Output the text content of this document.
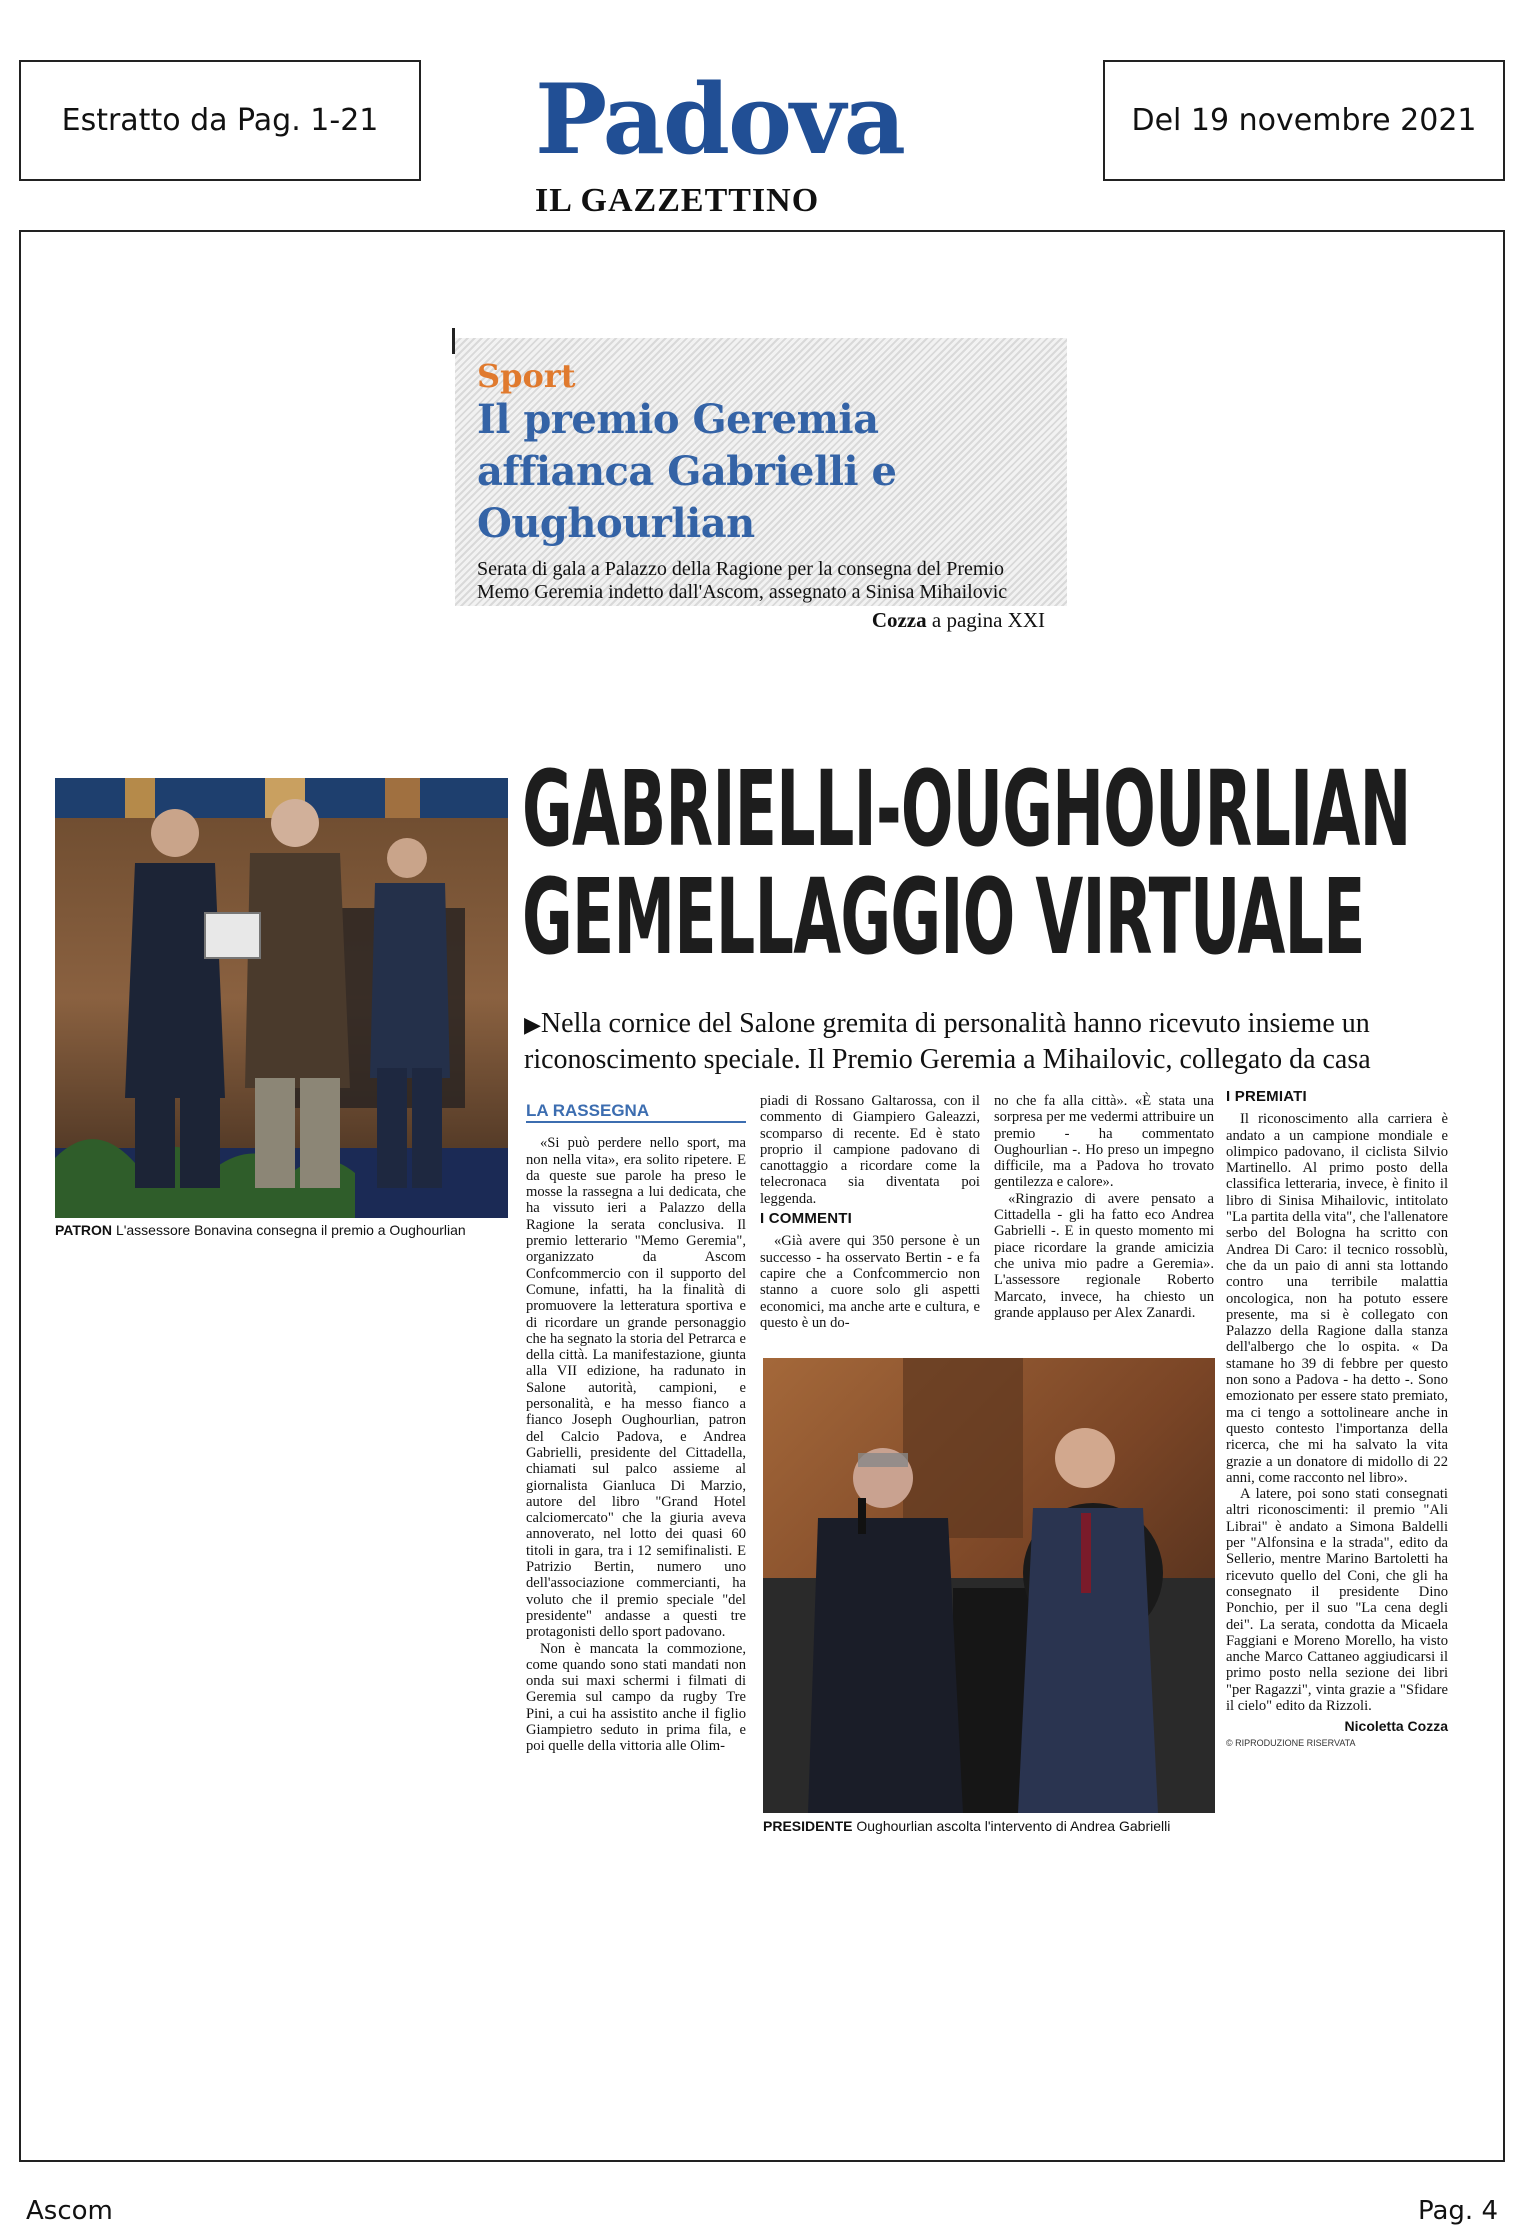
Estratto da Pag. 1-21 Padova
IL GAZZETTINO
Del 19 novembre 2021
Sport
Il premio Geremia affianca Gabrielli e Oughourlian
Serata di gala a Palazzo della Ragione per la consegna del Premio Memo Geremia indetto dall'Ascom, assegnato a Sinisa Mihailovic
Cozza a pagina XXI
PATRON L'assessore Bonavina consegna il premio a Oughourlian
GABRIELLI-OUGHOURLIAN
GEMELLAGGIO VIRTUALE
▶Nella cornice del Salone gremita di personalità hanno ricevuto insieme un riconoscimento speciale. Il Premio Geremia a Mihailovic, collegato da casa
LA RASSEGNA

«Si può perdere nello sport, ma non nella vita», era solito ripetere. E da queste sue parole ha preso le mosse la rassegna a lui dedicata, che ha vissuto ieri a Palazzo della Ragione la serata conclusiva. Il premio letterario "Memo Geremia", organizzato da Ascom Confcommercio con il supporto del Comune, infatti, ha la finalità di promuovere la letteratura sportiva e di ricordare un grande personaggio che ha segnato la storia del Petrarca e della città. La manifestazione, giunta alla VII edizione, ha radunato in Salone autorità, campioni, e personalità, e ha messo fianco a fianco Joseph Oughourlian, patron del Calcio Padova, e Andrea Gabrielli, presidente del Cittadella, chiamati sul palco assieme al giornalista Gianluca Di Marzio, autore del libro "Grand Hotel calciomercato" che la giuria aveva annoverato, nel lotto dei quasi 60 titoli in gara, tra i 12 semifinalisti. E Patrizio Bertin, numero uno dell'associazione commercianti, ha voluto che il premio speciale "del presidente" andasse a questi tre protagonisti dello sport padovano.

Non è mancata la commozione, come quando sono stati mandati non onda sui maxi schermi i filmati di Geremia sul campo da rugby Tre Pini, a cui ha assistito anche il figlio Giampietro seduto in prima fila, e poi quelle della vittoria alle Olim-

piadi di Rossano Galtarossa, con il commento di Giampiero Galeazzi, scomparso di recente. Ed è stato proprio il campione padovano di canottaggio a ricordare come la telecronaca sia diventata poi leggenda.

I COMMENTI

«Già avere qui 350 persone è un successo - ha osservato Bertin - e fa capire che a Confcommercio non stanno a cuore solo gli aspetti economici, ma anche arte e cultura, e questo è un do-

no che fa alla città». «È stata una sorpresa per me vedermi attribuire un premio - ha commentato Oughourlian -. Ho preso un impegno difficile, ma a Padova ho trovato gentilezza e calore».

«Ringrazio di avere pensato a Cittadella - gli ha fatto eco Andrea Gabrielli -. E in questo momento mi piace ricordare la grande amicizia che univa mio padre a Geremia». L'assessore regionale Roberto Marcato, invece, ha chiesto un grande applauso per Alex Zanardi.

PRESIDENTE Oughourlian ascolta l'intervento di Andrea Gabrielli
I PREMIATI

Il riconoscimento alla carriera è andato a un campione mondiale e olimpico padovano, il ciclista Silvio Martinello. Al primo posto della classifica letteraria, invece, è finito il libro di Sinisa Mihailovic, intitolato "La partita della vita", che l'allenatore serbo del Bologna ha scritto con Andrea Di Caro: il tecnico rossoblù, che da un paio di anni sta lottando contro una terribile malattia oncologica, non ha potuto essere presente, ma si è collegato con Palazzo della Ragione dalla stanza dell'albergo che lo ospita. « Da stamane ho 39 di febbre per questo non sono a Padova - ha detto -. Sono emozionato per essere stato premiato, ma ci tengo a sottolineare anche in questo contesto l'importanza della ricerca, che mi ha salvato la vita grazie a un donatore di midollo di 22 anni, come racconto nel libro».

A latere, poi sono stati consegnati altri riconoscimenti: il premio "Ali Librai" è andato a Simona Baldelli per "Alfonsina e la strada", edito da Sellerio, mentre Marino Bartoletti ha ricevuto quello del Coni, che gli ha consegnato il presidente Dino Ponchio, per il suo "La cena degli dei". La serata, condotta da Micaela Faggiani e Moreno Morello, ha visto anche Marco Cattaneo aggiudicarsi il primo posto nella sezione dei libri "per Ragazzi", vinta grazie a "Sfidare il cielo" edito da Rizzoli.

Nicoletta Cozza
© RIPRODUZIONE RISERVATA
Ascom	Pag. 4
